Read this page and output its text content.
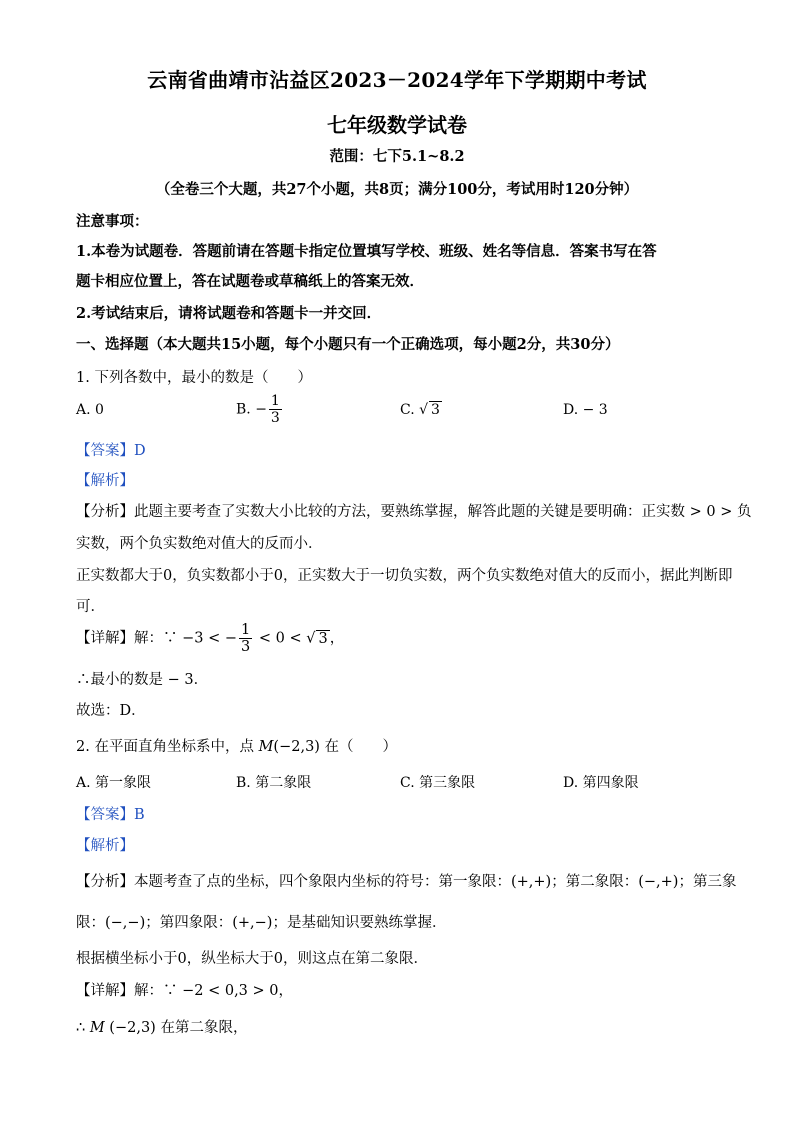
云南省曲靖市沾益区2023－2024学年下学期期中考试
七年级数学试卷
范围：七下5.1~8.2
（全卷三个大题，共27个小题，共8页；满分100分，考试用时120分钟）
注意事项：
1.本卷为试题卷．答题前请在答题卡指定位置填写学校、班级、姓名等信息．答案书写在答
题卡相应位置上，答在试题卷或草稿纸上的答案无效．
2.考试结束后，请将试题卷和答题卡一并交回．
一、选择题（本大题共15小题，每个小题只有一个正确选项，每小题2分，共30分）
1. 下列各数中，最小的数是（　　）
A. 0	B. − $\frac{1}{3}$	C. √ 3	D. − 3
【答案】D
【解析】
【分析】此题主要考查了实数大小比较的方法，要熟练掌握，解答此题的关键是要明确：正实数 > 0 > 负
实数，两个负实数绝对值大的反而小．
正实数都大于0，负实数都小于0，正实数大于一切负实数，两个负实数绝对值大的反而小，据此判断即
可．
【详解】解：∵ −3 < − $\frac{1}{3} < 0$ < √ 3 ，
∴最小的数是 − 3．
故选：D．
2. 在平面直角坐标系中，点 M(−2,3) 在（　　）
A. 第一象限	B. 第二象限	C. 第三象限	D. 第四象限
【答案】B
【解析】
【分析】本题考查了点的坐标，四个象限内坐标的符号：第一象限：(+,+)；第二象限：(−,+)；第三象
限：(−,−)；第四象限：(+,−)；是基础知识要熟练掌握．
根据横坐标小于0，纵坐标大于0，则这点在第二象限．
【详解】解：∵ −2 < 0,3 > 0，
∴ M (−2,3) 在第二象限，
